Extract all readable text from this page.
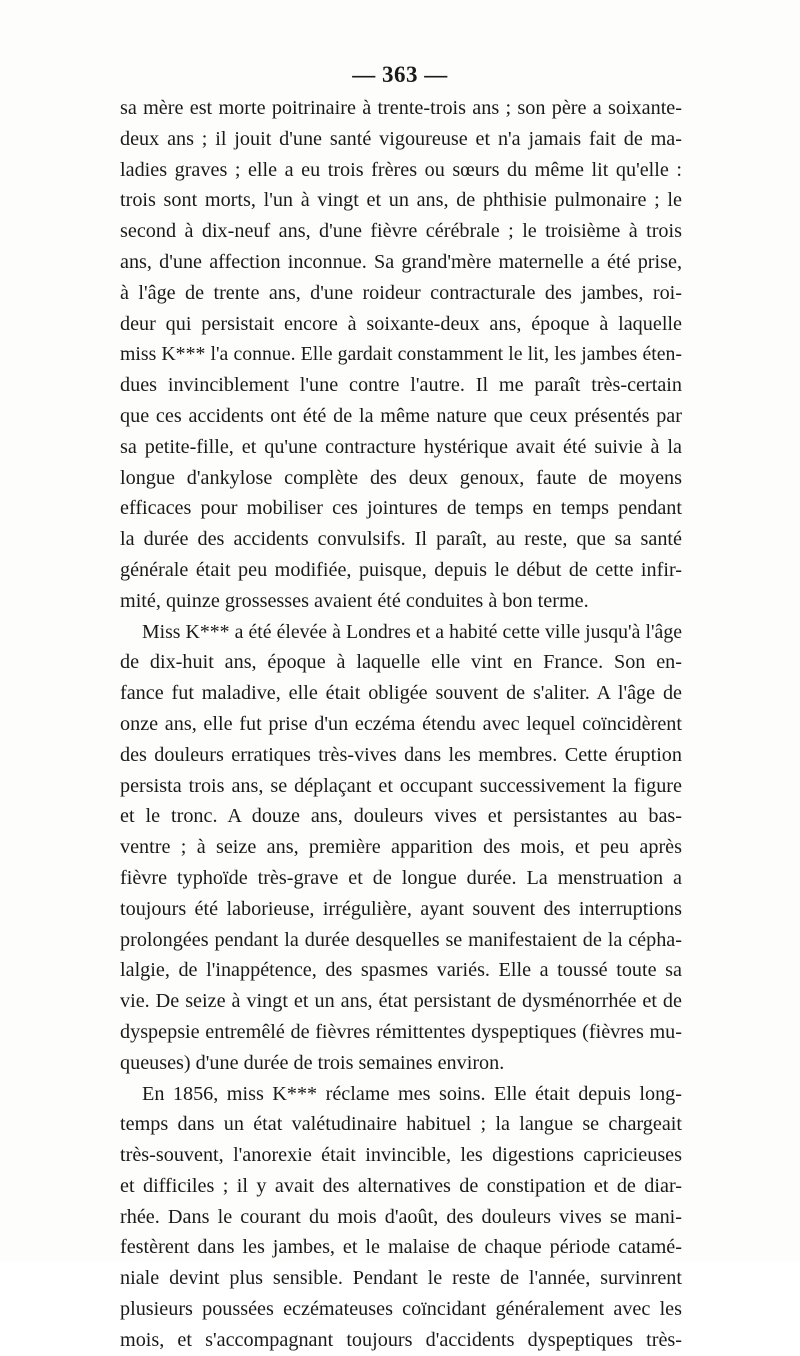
— 363 —
sa mère est morte poitrinaire à trente-trois ans ; son père a soixante-
deux ans ; il jouit d'une santé vigoureuse et n'a jamais fait de ma-
ladies graves ; elle a eu trois frères ou sœurs du même lit qu'elle :
trois sont morts, l'un à vingt et un ans, de phthisie pulmonaire ; le
second à dix-neuf ans, d'une fièvre cérébrale ; le troisième à trois
ans, d'une affection inconnue. Sa grand'mère maternelle a été prise,
à l'âge de trente ans, d'une roideur contracturale des jambes, roi-
deur qui persistait encore à soixante-deux ans, époque à laquelle
miss K*** l'a connue. Elle gardait constamment le lit, les jambes éten-
dues invinciblement l'une contre l'autre. Il me paraît très-certain
que ces accidents ont été de la même nature que ceux présentés par
sa petite-fille, et qu'une contracture hystérique avait été suivie à la
longue d'ankylose complète des deux genoux, faute de moyens
efficaces pour mobiliser ces jointures de temps en temps pendant
la durée des accidents convulsifs. Il paraît, au reste, que sa santé
générale était peu modifiée, puisque, depuis le début de cette infir-
mité, quinze grossesses avaient été conduites à bon terme.
Miss K*** a été élevée à Londres et a habité cette ville jusqu'à l'âge
de dix-huit ans, époque à laquelle elle vint en France. Son en-
fance fut maladive, elle était obligée souvent de s'aliter. A l'âge de
onze ans, elle fut prise d'un eczéma étendu avec lequel coïncidèrent
des douleurs erratiques très-vives dans les membres. Cette éruption
persista trois ans, se déplaçant et occupant successivement la figure
et le tronc. A douze ans, douleurs vives et persistantes au bas-
ventre ; à seize ans, première apparition des mois, et peu après
fièvre typhoïde très-grave et de longue durée. La menstruation a
toujours été laborieuse, irrégulière, ayant souvent des interruptions
prolongées pendant la durée desquelles se manifestaient de la cépha-
lalgie, de l'inappétence, des spasmes variés. Elle a toussé toute sa
vie. De seize à vingt et un ans, état persistant de dysménorrhée et de
dyspepsie entremêlé de fièvres rémittentes dyspeptiques (fièvres mu-
queuses) d'une durée de trois semaines environ.
En 1856, miss K*** réclame mes soins. Elle était depuis long-
temps dans un état valétudinaire habituel ; la langue se chargeait
très-souvent, l'anorexie était invincible, les digestions capricieuses
et difficiles ; il y avait des alternatives de constipation et de diar-
rhée. Dans le courant du mois d'août, des douleurs vives se mani-
festèrent dans les jambes, et le malaise de chaque période catamé-
niale devint plus sensible. Pendant le reste de l'année, survinrent
plusieurs poussées eczémateuses coïncidant généralement avec les
mois, et s'accompagnant toujours d'accidents dyspeptiques très-
